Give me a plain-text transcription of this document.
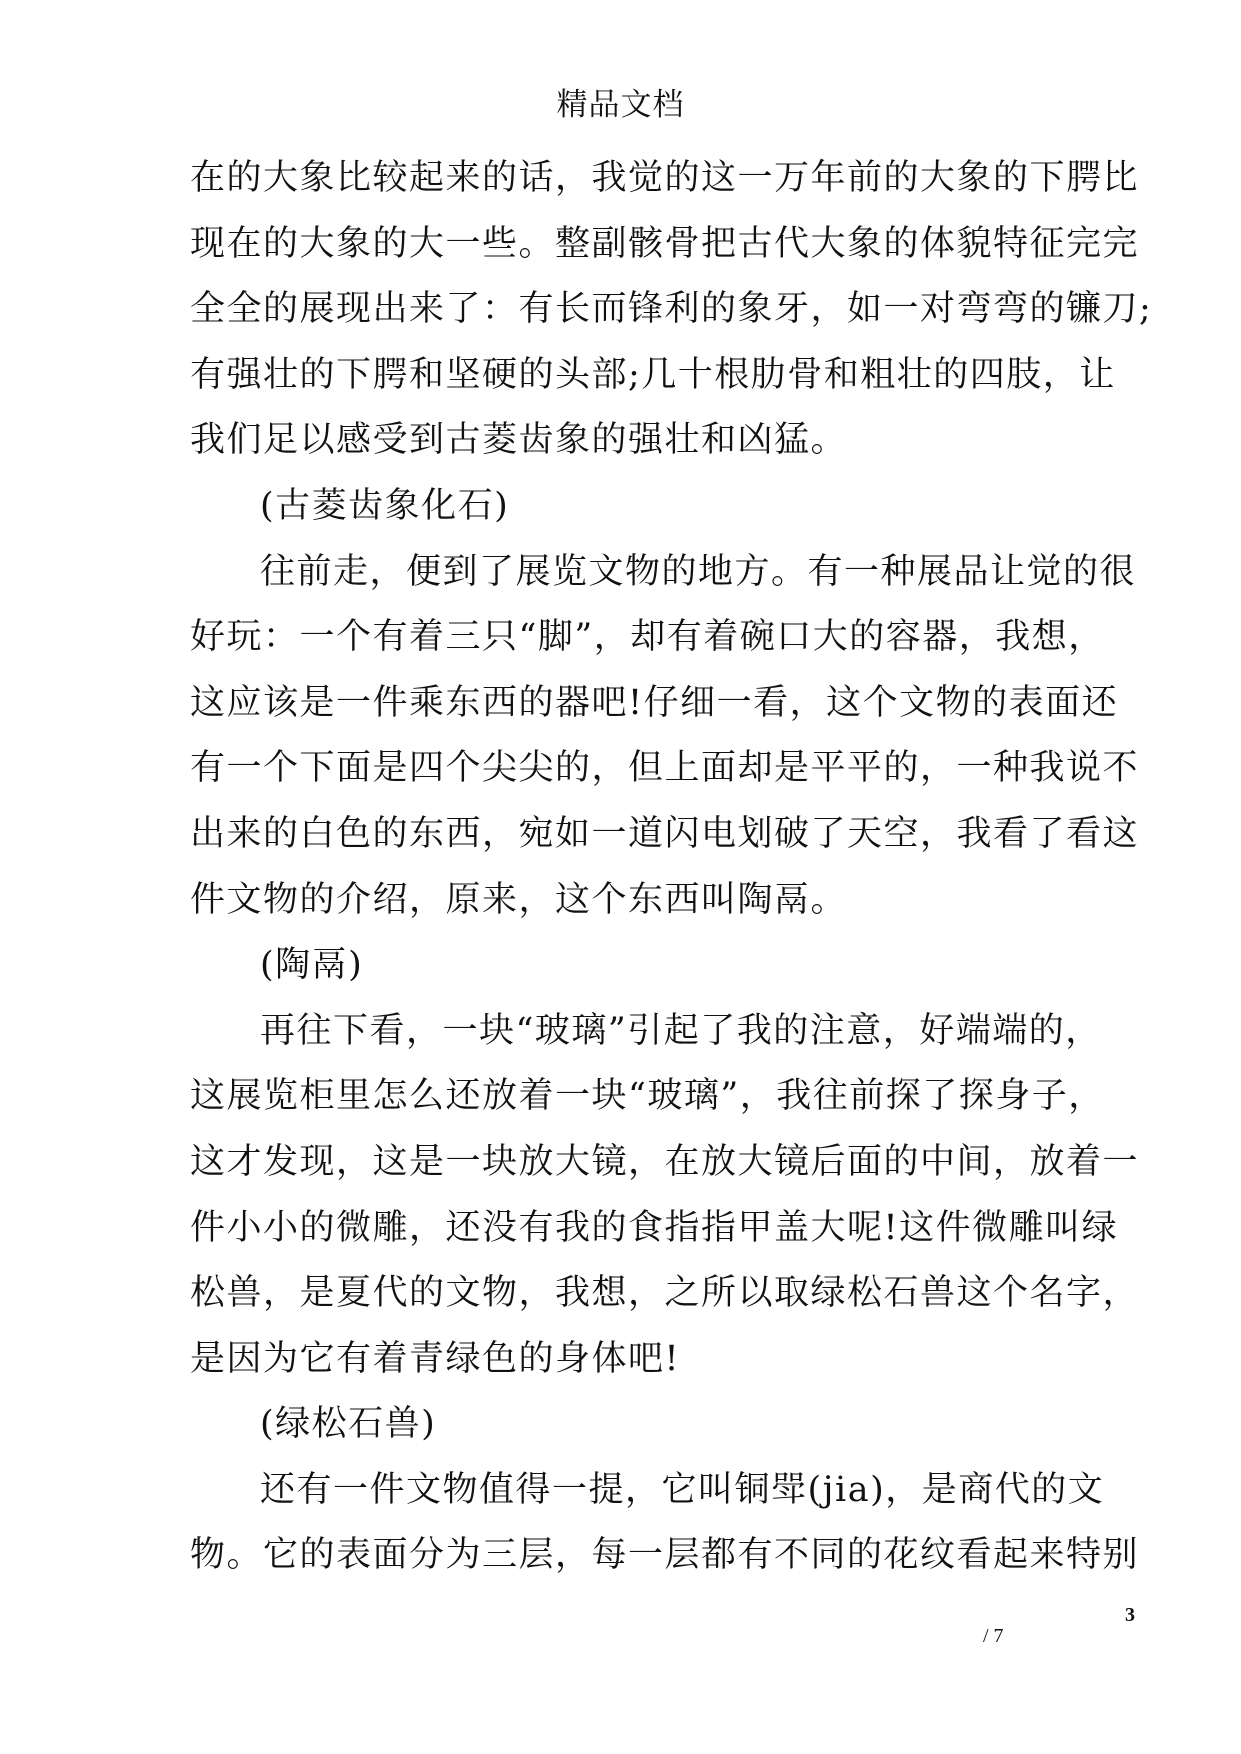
精品文档
在的大象比较起来的话，我觉的这一万年前的大象的下腭比
现在的大象的大一些。整副骸骨把古代大象的体貌特征完完
全全的展现出来了：有长而锋利的象牙，如一对弯弯的镰刀;
有强壮的下腭和坚硬的头部;几十根肋骨和粗壮的四肢，让
我们足以感受到古菱齿象的强壮和凶猛。
(古菱齿象化石)
往前走，便到了展览文物的地方。有一种展品让觉的很
好玩：一个有着三只“脚”，却有着碗口大的容器，我想，
这应该是一件乘东西的器吧!仔细一看，这个文物的表面还
有一个下面是四个尖尖的，但上面却是平平的，一种我说不
出来的白色的东西，宛如一道闪电划破了天空，我看了看这
件文物的介绍，原来，这个东西叫陶鬲。
(陶鬲)
再往下看，一块“玻璃”引起了我的注意，好端端的，
这展览柜里怎么还放着一块“玻璃”，我往前探了探身子，
这才发现，这是一块放大镜，在放大镜后面的中间，放着一
件小小的微雕，还没有我的食指指甲盖大呢!这件微雕叫绿
松兽，是夏代的文物，我想，之所以取绿松石兽这个名字，
是因为它有着青绿色的身体吧!
(绿松石兽)
还有一件文物值得一提，它叫铜斝(jia)，是商代的文
物。它的表面分为三层，每一层都有不同的花纹看起来特别
3
/ 7
